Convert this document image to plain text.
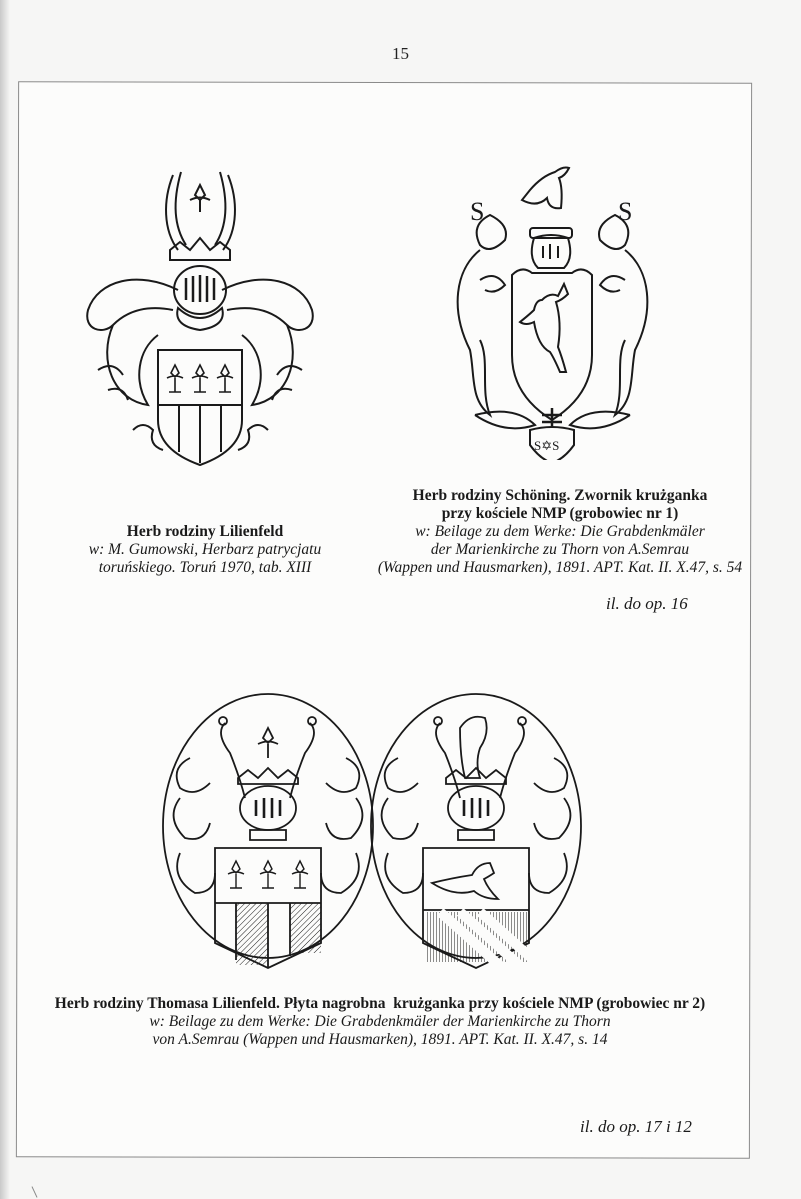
15
Herb rodziny Lilienfeld
w: M. Gumowski, Herbarz patrycjatu
toruńskiego. Toruń 1970, tab. XIII
S	S
S✡S
Herb rodziny Schöning. Zwornik krużganka
przy kościele NMP (grobowiec nr 1)
w: Beilage zu dem Werke: Die Grabdenkmäler
der Marienkirche zu Thorn von A.Semrau
(Wappen und Hausmarken), 1891. APT. Kat. II. X.47, s. 54
il. do op. 16
Herb rodziny Thomasa Lilienfeld. Płyta nagrobna  krużganka przy kościele NMP (grobowiec nr 2)
w: Beilage zu dem Werke: Die Grabdenkmäler der Marienkirche zu Thorn
von A.Semrau (Wappen und Hausmarken), 1891. APT. Kat. II. X.47, s. 14
il. do op. 17 i 12
